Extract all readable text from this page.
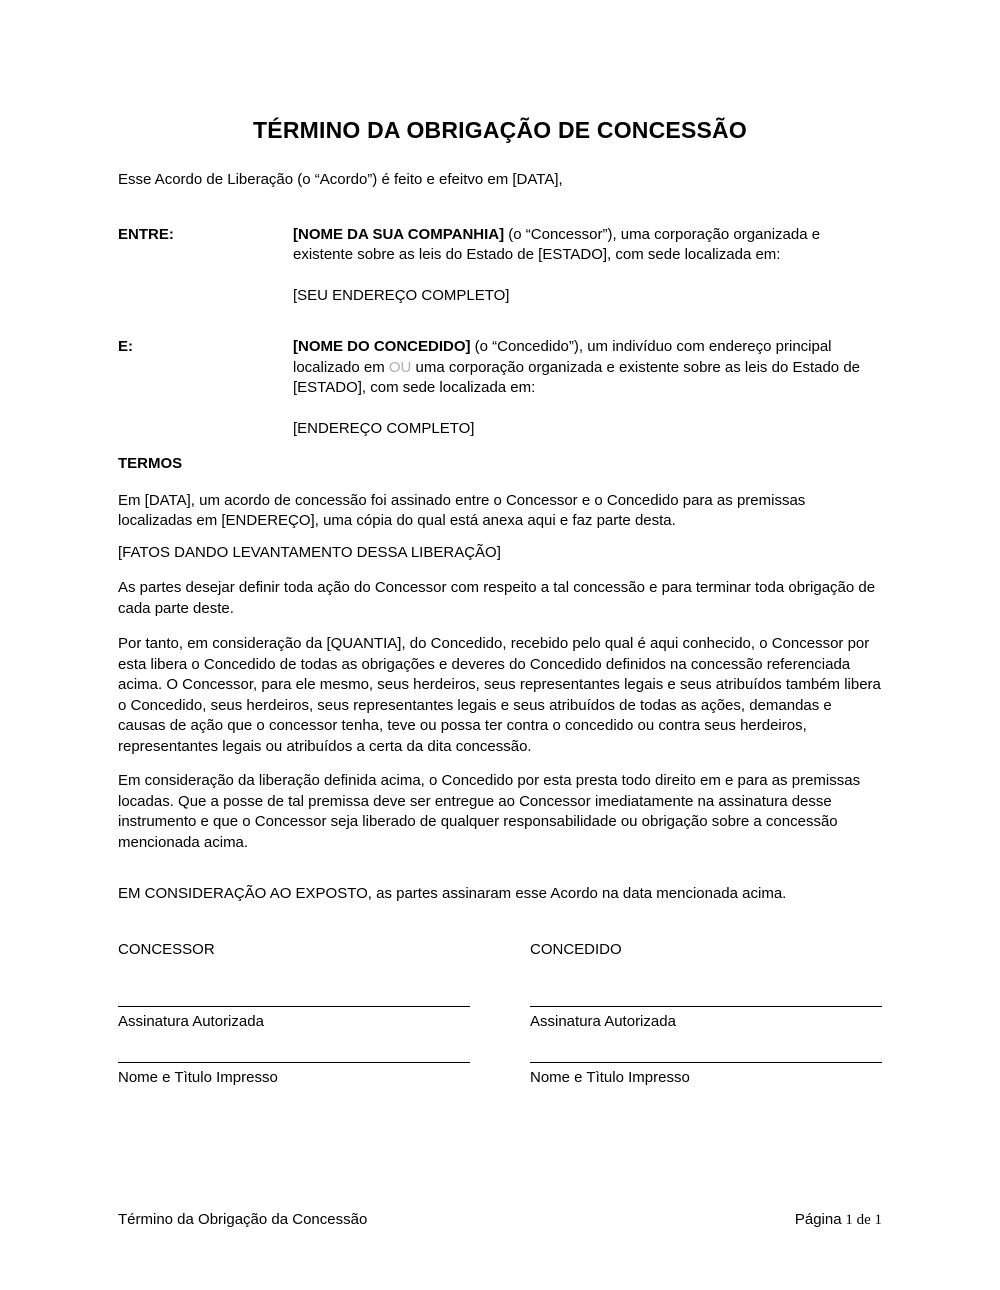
TÉRMINO DA OBRIGAÇÃO DE CONCESSÃO

Esse Acordo de Liberação (o “Acordo”) é feito e efeitvo em [DATA],

ENTRE:	[NOME DA SUA COMPANHIA] (o “Concessor”), uma corporação organizada e existente sobre as leis do Estado de [ESTADO], com sede localizada em:
[SEU ENDEREÇO COMPLETO]
E:	[NOME DO CONCEDIDO] (o “Concedido”), um indivíduo com endereço principal localizado em OU uma corporação organizada e existente sobre as leis do Estado de [ESTADO], com sede localizada em:
[ENDEREÇO COMPLETO]
TERMOS

Em [DATA], um acordo de concessão foi assinado entre o Concessor e o Concedido para as premissas localizadas em [ENDEREÇO], uma cópia do qual está anexa aqui e faz parte desta.

[FATOS DANDO LEVANTAMENTO DESSA LIBERAÇÃO]

As partes desejar definir toda ação do Concessor com respeito a tal concessão e para terminar toda obrigação de cada parte deste.

Por tanto, em consideração da [QUANTIA], do Concedido, recebido pelo qual é aqui conhecido, o Concessor por esta libera o Concedido de todas as obrigações e deveres do Concedido definidos na concessão referenciada acima. O Concessor, para ele mesmo, seus herdeiros, seus representantes legais e seus atribuídos também libera o Concedido, seus herdeiros, seus representantes legais e seus atribuídos de todas as ações, demandas e causas de ação que o concessor tenha, teve ou possa ter contra o concedido ou contra seus herdeiros, representantes legais ou atribuídos a certa da dita concessão.

Em consideração da liberação definida acima, o Concedido por esta presta todo direito em e para as premissas locadas. Que a posse de tal premissa deve ser entregue ao Concessor imediatamente na assinatura desse instrumento e que o Concessor seja liberado de qualquer responsabilidade ou obrigação sobre a concessão mencionada acima.

EM CONSIDERAÇÃO AO EXPOSTO, as partes assinaram esse Acordo na data mencionada acima.

CONCESSOR
Assinatura Autorizada
Nome e Tìtulo Impresso
CONCEDIDO
Assinatura Autorizada
Nome e Tìtulo Impresso
Término da Obrigação da Concessão	Página 1 de 1
